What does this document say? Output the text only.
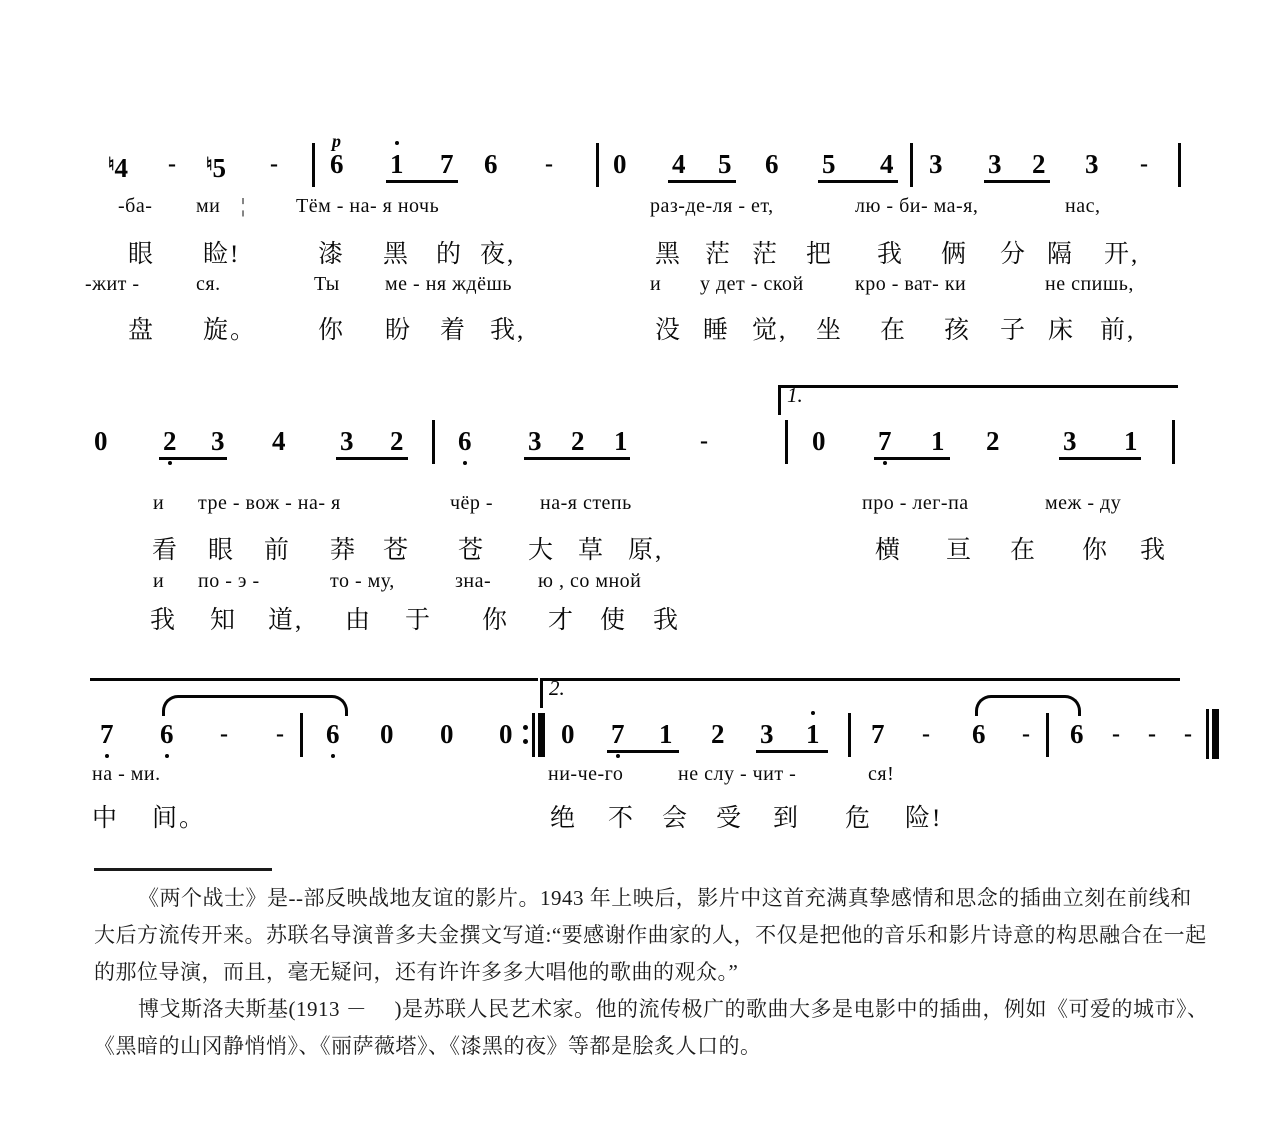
♮4 - ♮5 - 6
p
1 7 6 - 0 4 5 6 5 4 3 3 2 3 -
-ба- ми ¦	Тём - на- я ночь	раз-де-ля - ет,	лю - би- ма-я,	нас,
眼 睑!	漆 黑 的 夜,	黑 茫 茫 把 我 俩 分 隔 开,
-жит -	ся.	Ты ме - ня ждёшь	и у дет - ской	кро - ват- ки	не спишь,
盘 旋。 你 盼 着 我,	没 睡 觉, 坐 在 孩 子 床 前,
1.
0 2 3 4 3 2 6 3 2 1	-	0 7 1 2 3 1
и тре - вож - на- я	чёр - на-я степь	про - лег-па	меж - ду
看 眼 前 莽 苍 苍 大 草 原,	横 亘 在 你 我
и по - э -	то - му,	зна- ю , со мной
我 知 道, 由 于 你 才 使 我
2.
7 6 - - 6 0 0 0 0 7 1 2 3 1 7 - 6 - 6 - - -
на - ми.	ни-че-го	не слу - чит -	ся!
中 间。	绝 不 会 受 到 危 险!
《两个战士》是--部反映战地友谊的影片。1943 年上映后，影片中这首充满真挚感情和思念的插曲立刻在前线和
大后方流传开来。苏联名导演普多夫金撰文写道:“要感谢作曲家的人，不仅是把他的音乐和影片诗意的构思融合在一起
的那位导演，而且，毫无疑问，还有许许多多大唱他的歌曲的观众。”
博戈斯洛夫斯基(1913 －　 )是苏联人民艺术家。他的流传极广的歌曲大多是电影中的插曲，例如《可爱的城市》、
《黑暗的山冈静悄悄》、《丽萨薇塔》、《漆黑的夜》等都是脍炙人口的。
